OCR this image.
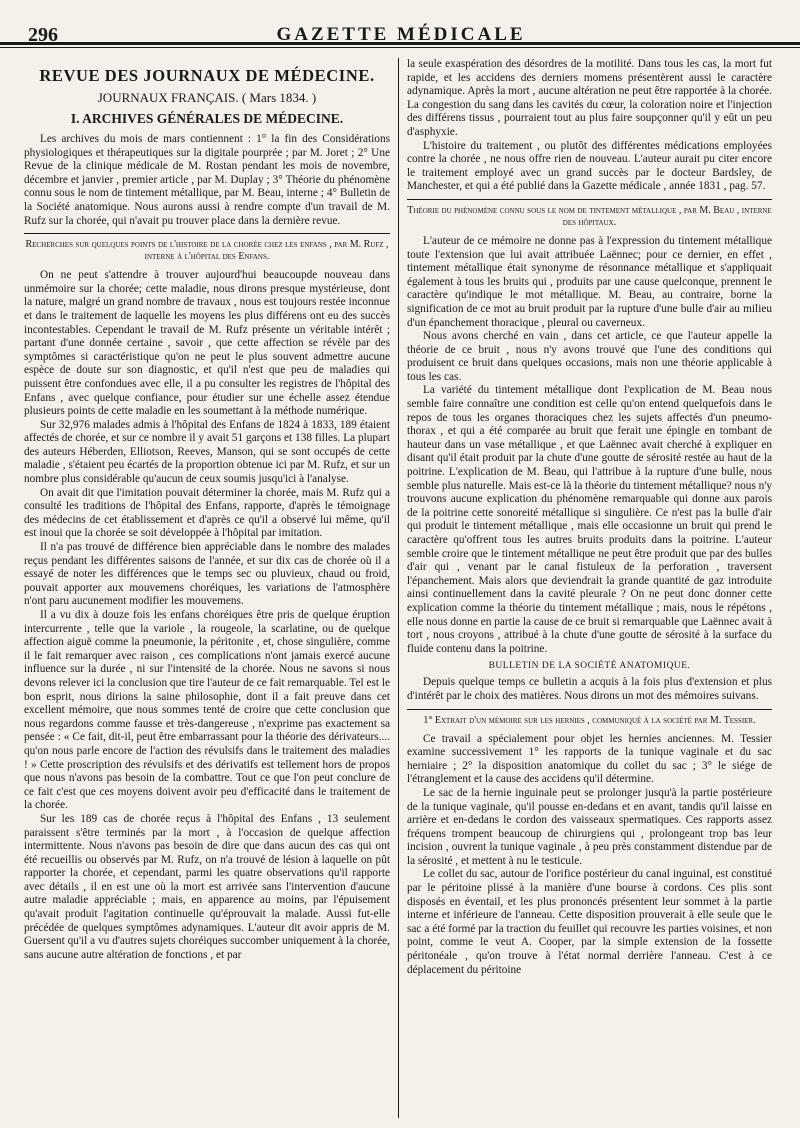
296	GAZETTE MÉDICALE
REVUE DES JOURNAUX DE MÉDECINE.
JOURNAUX FRANÇAIS. ( Mars 1834. )
I. ARCHIVES GÉNÉRALES DE MÉDECINE.

Les archives du mois de mars contiennent : 1° la fin des Considérations physiologiques et thérapeutiques sur la digitale pourprée ; par M. Joret ; 2° Une Revue de la clinique médicale de M. Rostan pendant les mois de novembre, décembre et janvier , premier article , par M. Duplay ; 3° Théorie du phénomène connu sous le nom de tintement métallique, par M. Beau, interne ; 4° Bulletin de la Société anatomique. Nous aurons aussi à rendre compte d'un travail de M. Rufz sur la chorée, qui n'avait pu trouver place dans la dernière revue.

Recherches sur quelques points de l'histoire de la chorée chez les enfans , par M. Rufz , interne à l'hôpital des Enfans.

On ne peut s'attendre à trouver aujourd'hui beaucoupde nouveau dans unmémoire sur la chorée; cette maladie, nous dirons presque mystérieuse, dont la nature, malgré un grand nombre de travaux , nous est toujours restée inconnue et dans le traitement de laquelle les moyens les plus différens ont eu des succès incontestables. Cependant le travail de M. Rufz présente un véritable intérêt ; partant d'une donnée certaine , savoir , que cette affection se révèle par des symptômes si caractéristique qu'on ne peut le plus souvent admettre aucune espèce de doute sur son diagnostic, et qu'il n'est que peu de maladies qui puissent être confondues avec elle, il a pu consulter les registres de l'hôpital des Enfans , avec quelque confiance, pour étudier sur une échelle assez étendue plusieurs points de cette maladie en les soumettant à la méthode numérique.

Sur 32,976 malades admis à l'hôpital des Enfans de 1824 à 1833, 189 étaient affectés de chorée, et sur ce nombre il y avait 51 garçons et 138 filles. La plupart des auteurs Héberden, Elliotson, Reeves, Manson, qui se sont occupés de cette maladie , s'étaient peu écartés de la proportion obtenue ici par M. Rufz, et sur un nombre plus considérable qu'aucun de ceux soumis jusqu'ici à l'analyse.

On avait dit que l'imitation pouvait déterminer la chorée, mais M. Rufz qui a consulté les traditions de l'hôpital des Enfans, rapporte, d'après le témoignage des médecins de cet établissement et d'après ce qu'il a observé lui même, qu'il est inoui que la chorée se soit développée à l'hôpital par imitation.

Il n'a pas trouvé de différence bien appréciable dans le nombre des malades reçus pendant les différentes saisons de l'année, et sur dix cas de chorée où il a essayé de noter les différences que le temps sec ou pluvieux, chaud ou froid, pouvait apporter aux mouvemens choréiques, les variations de l'atmosphère n'ont paru aucunement modifier les mouvemens.

Il a vu dix à douze fois les enfans choréiques être pris de quelque éruption intercurrente , telle que la variole , la rougeole, la scarlatine, ou de quelque affection aiguë comme la pneumonie, la péritonite , et, chose singulière, comme il le fait remarquer avec raison , ces complications n'ont jamais exercé aucune influence sur la durée , ni sur l'intensité de la chorée. Nous ne savons si nous devons relever ici la conclusion que tire l'auteur de ce fait remarquable. Tel est le bon esprit, nous dirions la saine philosophie, dont il a fait preuve dans cet excellent mémoire, que nous sommes tenté de croire que cette conclusion que nous regardons comme fausse et très-dangereuse , n'exprime pas exactement sa pensée : « Ce fait, dit-il, peut être embarrassant pour la théorie des dérivateurs.... qu'on nous parle encore de l'action des révulsifs dans le traitement des maladies ! » Cette proscription des révulsifs et des dérivatifs est tellement hors de propos que nous n'avons pas besoin de la combattre. Tout ce que l'on peut conclure de ce fait c'est que ces moyens doivent avoir peu d'efficacité dans le traitement de la chorée.

Sur les 189 cas de chorée reçus à l'hôpital des Enfans , 13 seulement paraissent s'être terminés par la mort , à l'occasion de quelque affection intermittente. Nous n'avons pas besoin de dire que dans aucun des cas qui ont été recueillis ou observés par M. Rufz, on n'a trouvé de lésion à laquelle on pût rapporter la chorée, et cependant, parmi les quatre observations qu'il rapporte avec détails , il en est une où la mort est arrivée sans l'intervention d'aucune autre maladie appréciable ; mais, en apparence au moins, par l'épuisement qu'avait produit l'agitation continuelle qu'éprouvait la malade. Aussi fut-elle précédée de quelques symptômes adynamiques. L'auteur dit avoir appris de M. Guersent qu'il a vu d'autres sujets choréiques succomber uniquement à la chorée, sans aucune autre altération de fonctions , et par

la seule exaspération des désordres de la motilité. Dans tous les cas, la mort fut rapide, et les accidens des derniers momens présentèrent aussi le caractère adynamique. Après la mort , aucune altération ne peut être rapportée à la chorée. La congestion du sang dans les cavités du cœur, la coloration noire et l'injection des différens tissus , pourraient tout au plus faire soupçonner qu'il y eût un peu d'asphyxie.

L'histoire du traitement , ou plutôt des différentes médications employées contre la chorée , ne nous offre rien de nouveau. L'auteur aurait pu citer encore le traitement employé avec un grand succès par le docteur Bardsley, de Manchester, et qui a été publié dans la Gazette médicale , année 1831 , pag. 57.

Théorie du phénomène connu sous le nom de tintement métallique , par M. Beau , interne des hôpitaux.

L'auteur de ce mémoire ne donne pas à l'expression du tintement métallique toute l'extension que lui avait attribuée Laënnec; pour ce dernier, en effet , tintement métallique était synonyme de résonnance métallique et s'appliquait également à tous les bruits qui , produits par une cause quelconque, prennent le caractère qu'indique le mot métallique. M. Beau, au contraire, borne la signification de ce mot au bruit produit par la rupture d'une bulle d'air au milieu d'un épanchement thoracique , pleural ou caverneux.

Nous avons cherché en vain , dans cet article, ce que l'auteur appelle la théorie de ce bruit , nous n'y avons trouvé que l'une des conditions qui produisent ce bruit dans quelques occasions, mais non une théorie applicable à tous les cas.

La variété du tintement métallique dont l'explication de M. Beau nous semble faire connaître une condition est celle qu'on entend quelquefois dans le repos de tous les organes thoraciques chez les sujets affectés d'un pneumo-thorax , et qui a été comparée au bruit que ferait une épingle en tombant de hauteur dans un vase métallique , et que Laënnec avait cherché à expliquer en disant qu'il était produit par la chute d'une goutte de sérosité restée au haut de la poitrine. L'explication de M. Beau, qui l'attribue à la rupture d'une bulle, nous semble plus naturelle. Mais est-ce là la théorie du tintement métallique? nous n'y trouvons aucune explication du phénomène remarquable qui donne aux parois de la poitrine cette sonoreité métallique si singulière. Ce n'est pas la bulle d'air qui produit le tintement métallique , mais elle occasionne un bruit qui prend le caractère qu'offrent tous les autres bruits produits dans la poitrine. L'auteur semble croire que le tintement métallique ne peut être produit que par des bulles d'air qui , venant par le canal fistuleux de la perforation , traversent l'épanchement. Mais alors que deviendrait la grande quantité de gaz introduite ainsi continuellement dans la cavité pleurale ? On ne peut donc donner cette explication comme la théorie du tintement métallique ; mais, nous le répétons , elle nous donne en partie la cause de ce bruit si remarquable que Laënnec avait à tort , nous croyons , attribué à la chute d'une goutte de sérosité à la surface du fluide contenu dans la poitrine.

BULLETIN DE LA SOCIÉTÉ ANATOMIQUE.

Depuis quelque temps ce bulletin a acquis à la fois plus d'extension et plus d'intérêt par le choix des matières. Nous dirons un mot des mémoires suivans.

1° Extrait d'un mémoire sur les hernies , communiqué à la société par M. Tessier.

Ce travail a spécialement pour objet les hernies anciennes. M. Tessier examine successivement 1° les rapports de la tunique vaginale et du sac herniaire ; 2° la disposition anatomique du collet du sac ; 3° le siége de l'étranglement et la cause des accidens qu'il détermine.

Le sac de la hernie inguinale peut se prolonger jusqu'à la partie postérieure de la tunique vaginale, qu'il pousse en-dedans et en avant, tandis qu'il laisse en arrière et en-dedans le cordon des vaisseaux spermatiques. Ces rapports assez fréquens trompent beaucoup de chirurgiens qui , prolongeant trop bas leur incision , ouvrent la tunique vaginale , à peu près constamment distendue par de la sérosité , et mettent à nu le testicule.

Le collet du sac, autour de l'orifice postérieur du canal inguinal, est constitué par le péritoine plissé à la manière d'une bourse à cordons. Ces plis sont disposés en éventail, et les plus prononcés présentent leur sommet à la partie interne et inférieure de l'anneau. Cette disposition prouverait à elle seule que le sac a été formé par la traction du feuillet qui recouvre les parties voisines, et non point, comme le veut A. Cooper, par la simple extension de la fossette péritonéale , qu'on trouve à l'état normal derrière l'anneau. C'est à ce déplacement du péritoine
